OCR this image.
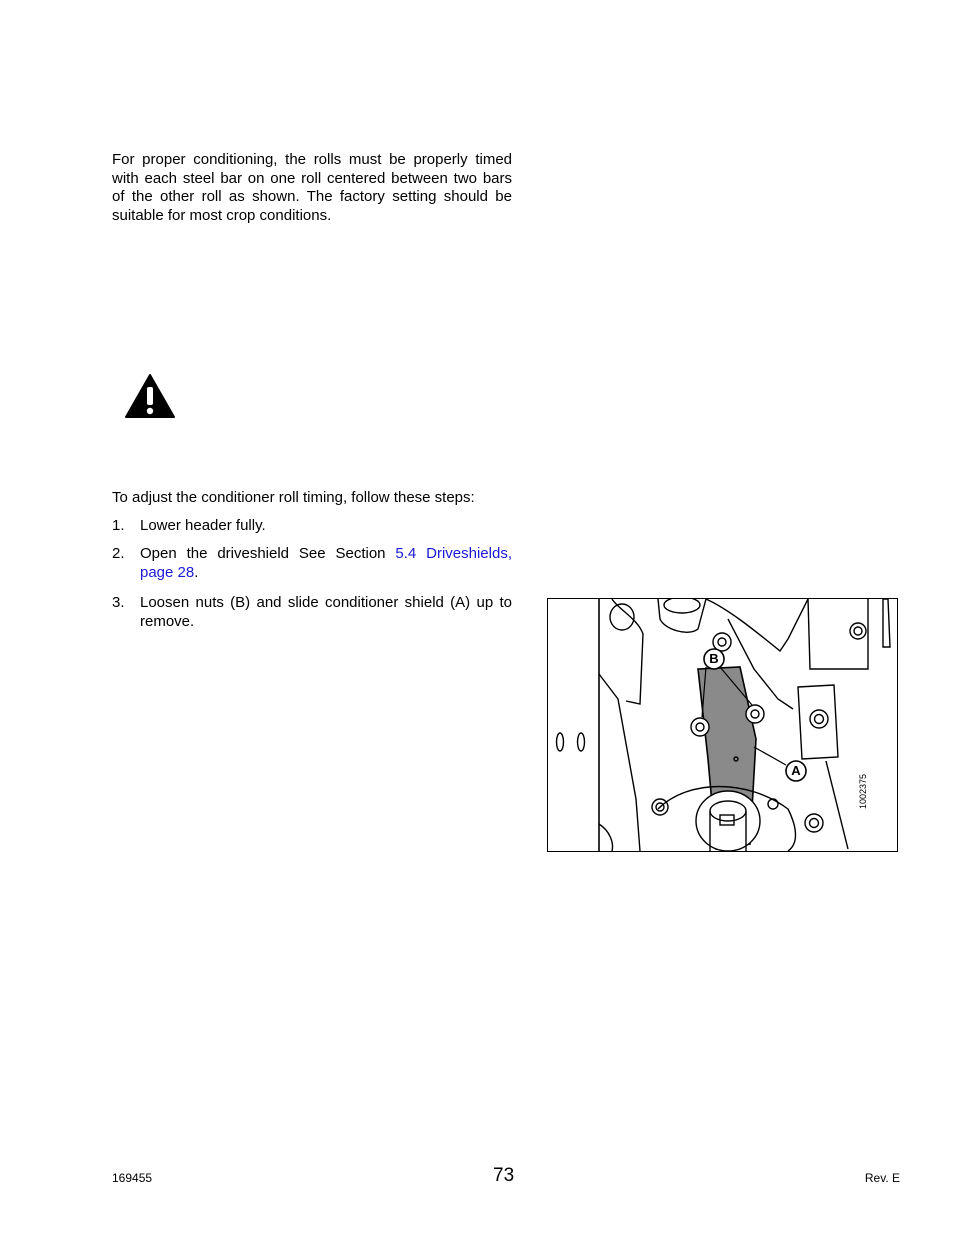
For proper conditioning, the rolls must be properly timed with each steel bar on one roll centered between two bars of the other roll as shown. The factory setting should be suitable for most crop conditions.

To adjust the conditioner roll timing, follow these steps:
1. Lower header fully.
2. Open the driveshield See Section 5.4 Driveshields, page 28.
3. Loosen nuts (B) and slide conditioner shield (A) up to remove.
B
A
1002375
169455	73	Rev. E
